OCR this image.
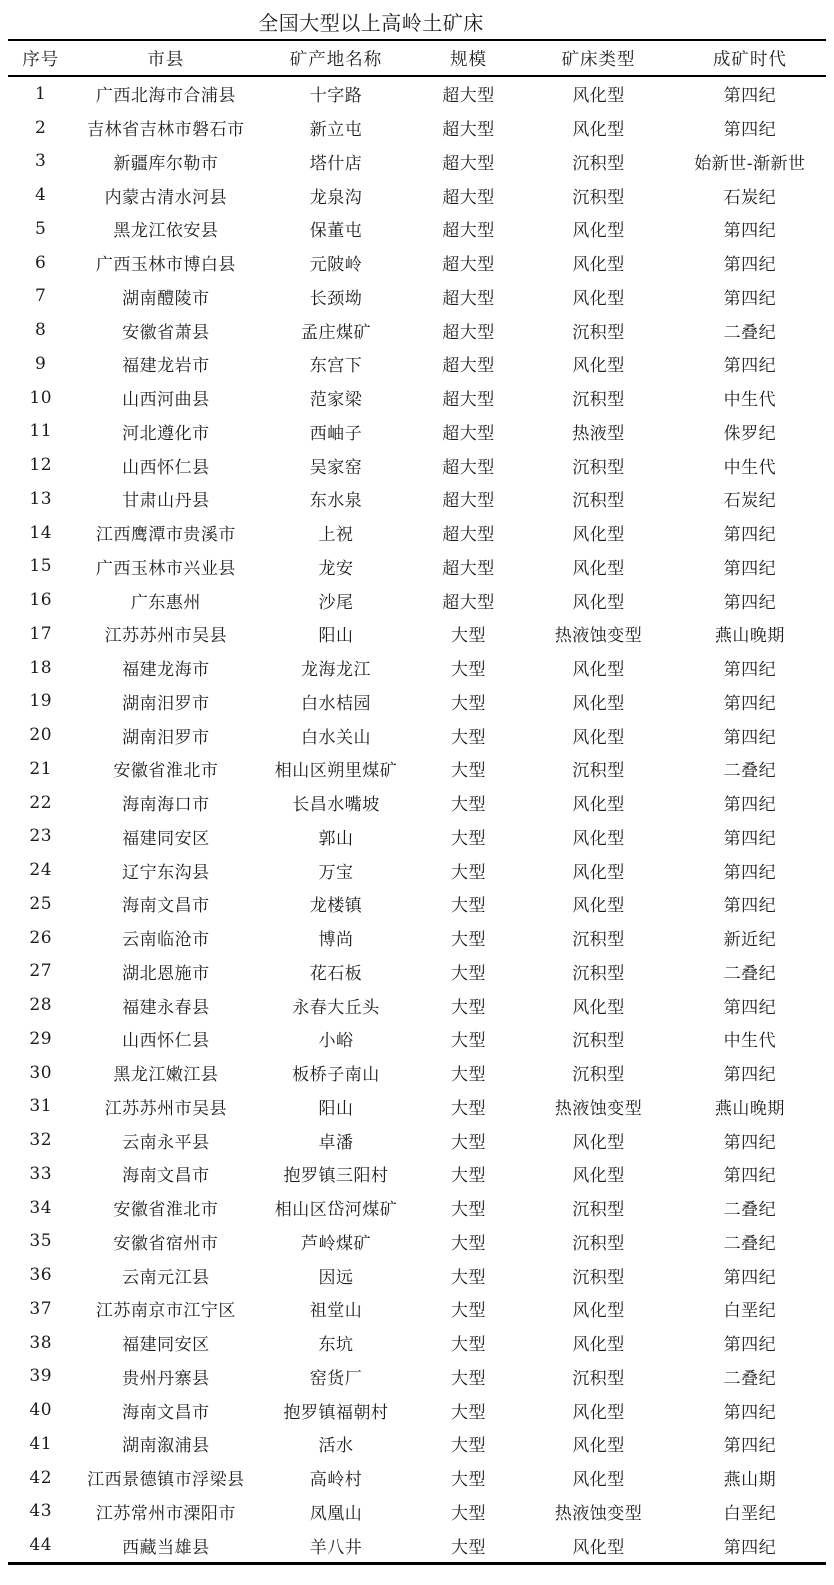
全国大型以上高岭土矿床
序号	市县	矿产地名称	规模	矿床类型	成矿时代
1	广西北海市合浦县	十字路	超大型	风化型	第四纪
2	吉林省吉林市磐石市	新立屯	超大型	风化型	第四纪
3	新疆库尔勒市	塔什店	超大型	沉积型	始新世-渐新世
4	内蒙古清水河县	龙泉沟	超大型	沉积型	石炭纪
5	黑龙江依安县	保董屯	超大型	风化型	第四纪
6	广西玉林市博白县	元陂岭	超大型	风化型	第四纪
7	湖南醴陵市	长颈坳	超大型	风化型	第四纪
8	安徽省萧县	孟庄煤矿	超大型	沉积型	二叠纪
9	福建龙岩市	东宫下	超大型	风化型	第四纪
10	山西河曲县	范家梁	超大型	沉积型	中生代
11	河北遵化市	西岫子	超大型	热液型	侏罗纪
12	山西怀仁县	吴家窑	超大型	沉积型	中生代
13	甘肃山丹县	东水泉	超大型	沉积型	石炭纪
14	江西鹰潭市贵溪市	上祝	超大型	风化型	第四纪
15	广西玉林市兴业县	龙安	超大型	风化型	第四纪
16	广东惠州	沙尾	超大型	风化型	第四纪
17	江苏苏州市吴县	阳山	大型	热液蚀变型	燕山晚期
18	福建龙海市	龙海龙江	大型	风化型	第四纪
19	湖南汨罗市	白水桔园	大型	风化型	第四纪
20	湖南汨罗市	白水关山	大型	风化型	第四纪
21	安徽省淮北市	相山区朔里煤矿	大型	沉积型	二叠纪
22	海南海口市	长昌水嘴坡	大型	风化型	第四纪
23	福建同安区	郭山	大型	风化型	第四纪
24	辽宁东沟县	万宝	大型	风化型	第四纪
25	海南文昌市	龙楼镇	大型	风化型	第四纪
26	云南临沧市	博尚	大型	沉积型	新近纪
27	湖北恩施市	花石板	大型	沉积型	二叠纪
28	福建永春县	永春大丘头	大型	风化型	第四纪
29	山西怀仁县	小峪	大型	沉积型	中生代
30	黑龙江嫩江县	板桥子南山	大型	沉积型	第四纪
31	江苏苏州市吴县	阳山	大型	热液蚀变型	燕山晚期
32	云南永平县	卓潘	大型	风化型	第四纪
33	海南文昌市	抱罗镇三阳村	大型	风化型	第四纪
34	安徽省淮北市	相山区岱河煤矿	大型	沉积型	二叠纪
35	安徽省宿州市	芦岭煤矿	大型	沉积型	二叠纪
36	云南元江县	因远	大型	沉积型	第四纪
37	江苏南京市江宁区	祖堂山	大型	风化型	白垩纪
38	福建同安区	东坑	大型	风化型	第四纪
39	贵州丹寨县	窑货厂	大型	沉积型	二叠纪
40	海南文昌市	抱罗镇福朝村	大型	风化型	第四纪
41	湖南溆浦县	活水	大型	风化型	第四纪
42	江西景德镇市浮梁县	高岭村	大型	风化型	燕山期
43	江苏常州市溧阳市	凤凰山	大型	热液蚀变型	白垩纪
44	西藏当雄县	羊八井	大型	风化型	第四纪
